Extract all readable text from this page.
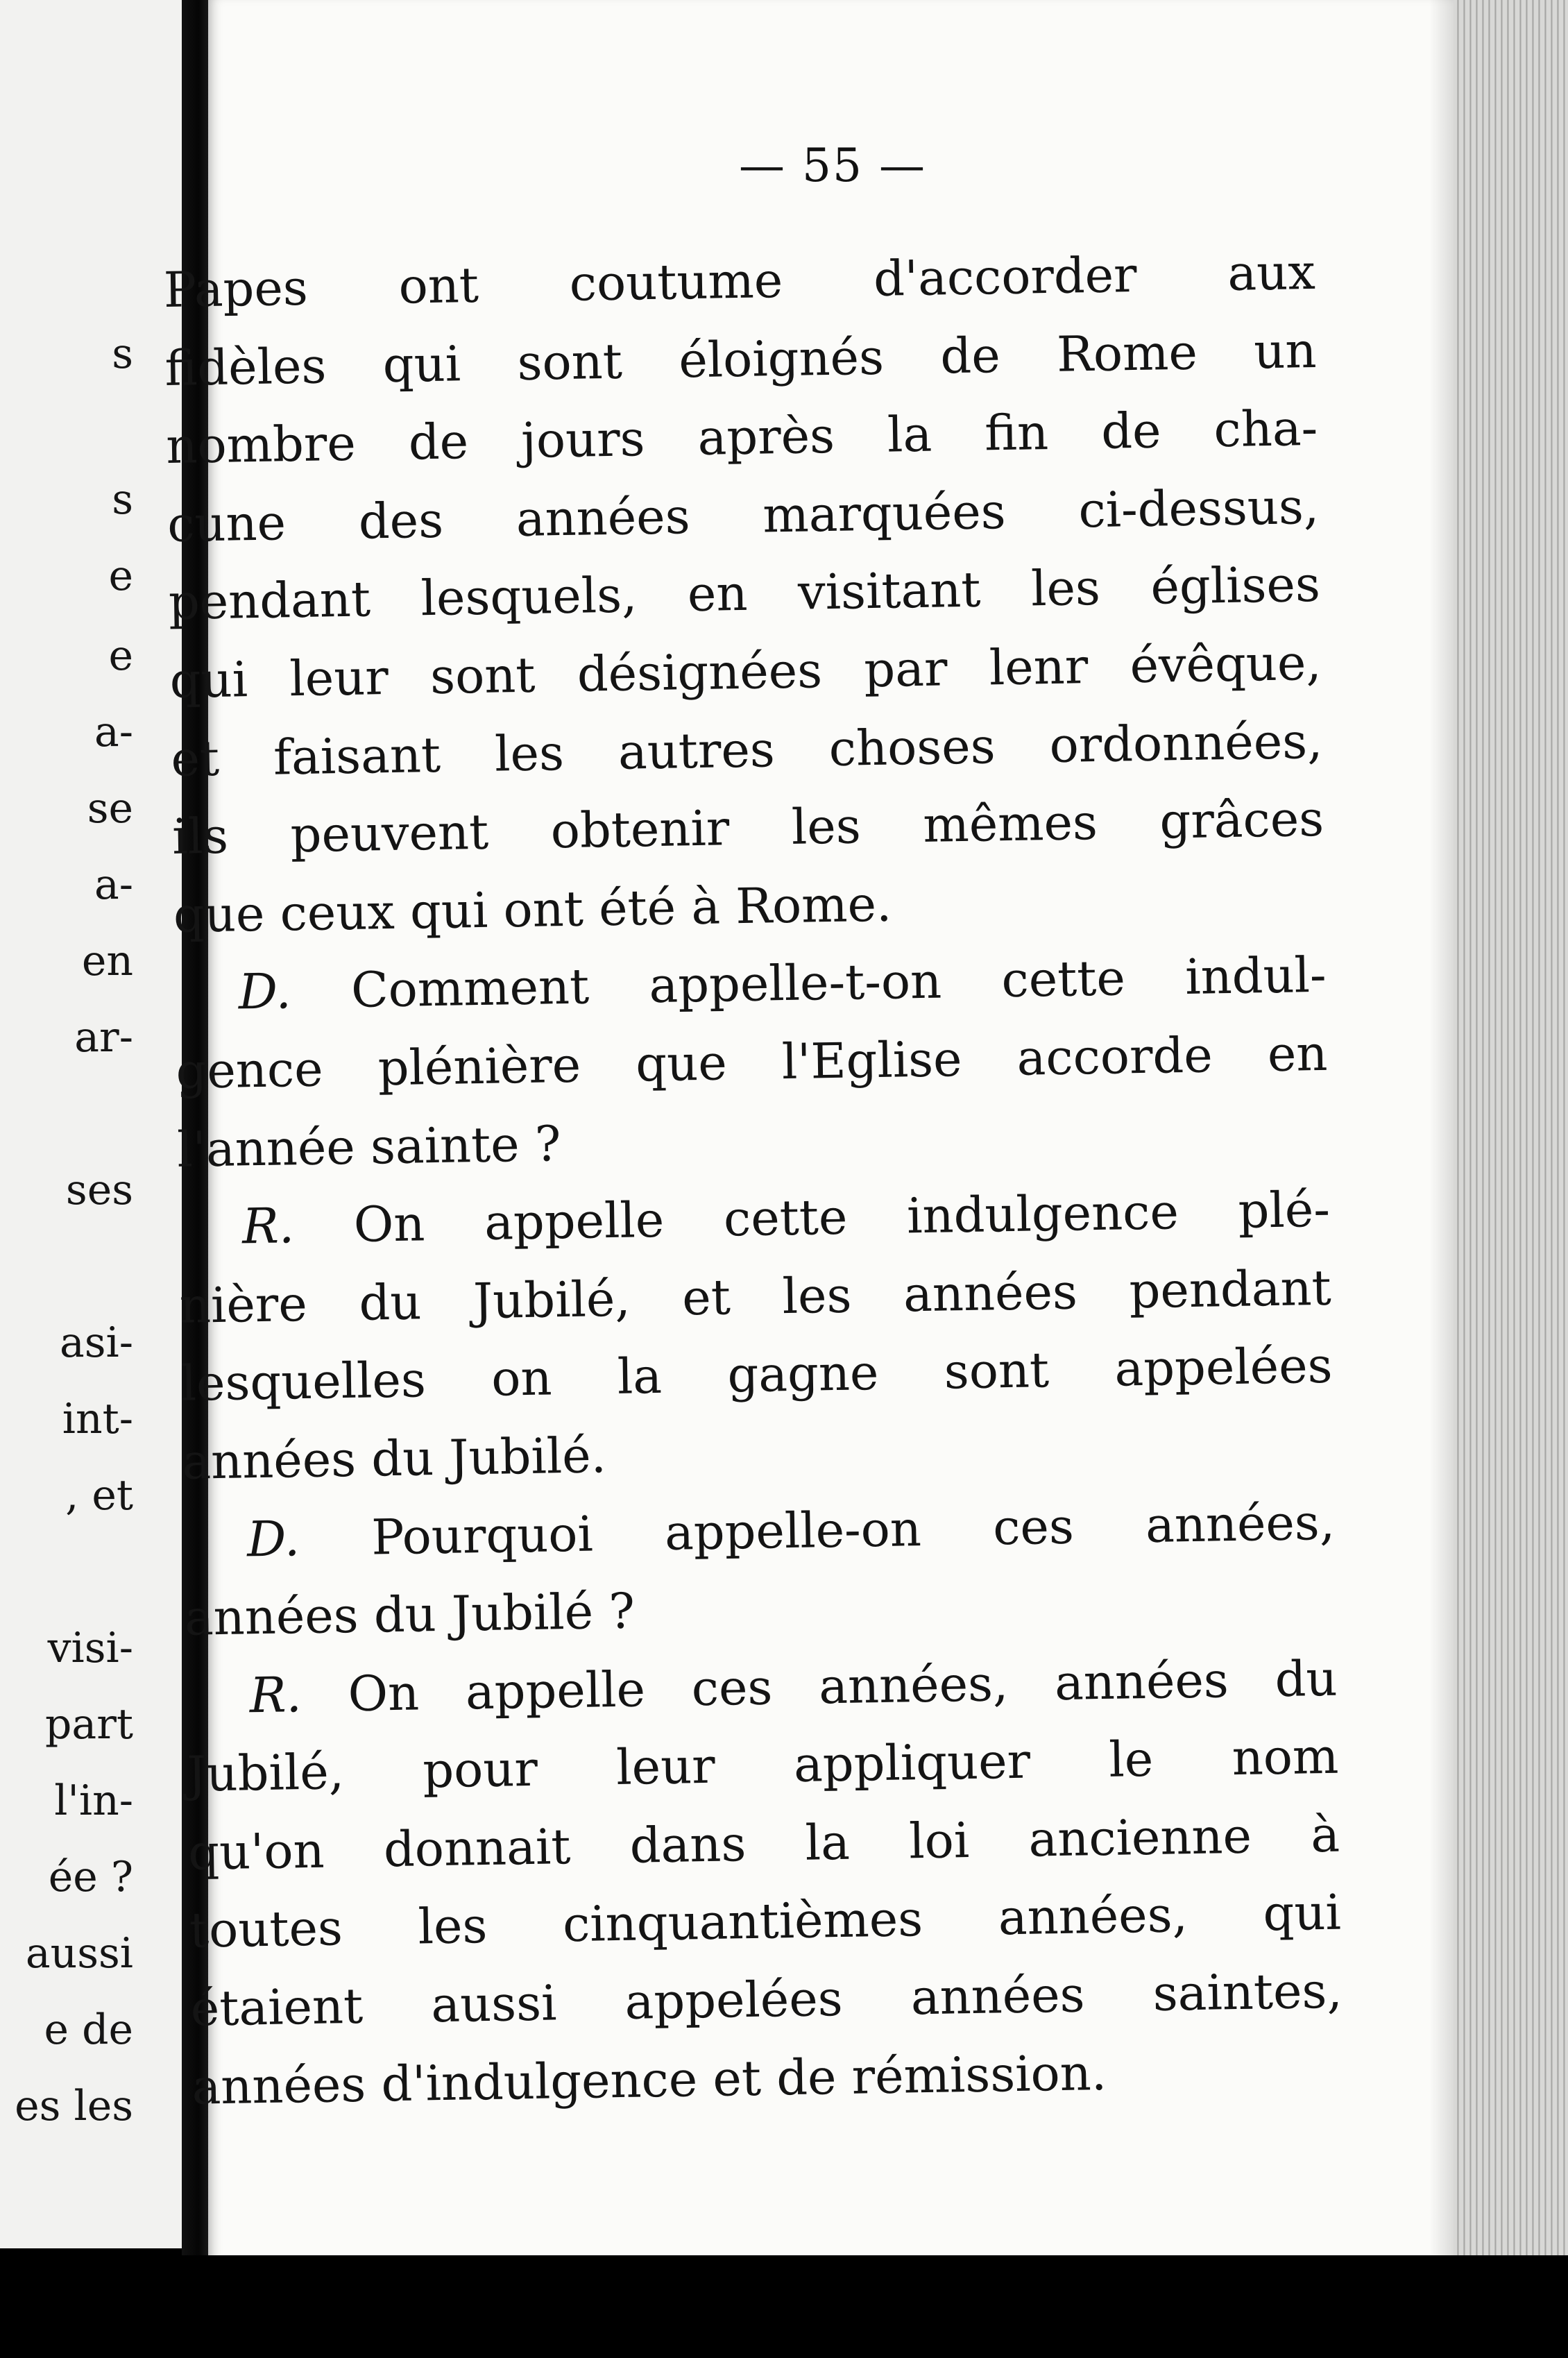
s
s
e
e
a-
se
a-
en
ar-
ses
asi-
int-
, et
visi-
part
l'in-
ée ?
aussi
e de
es les
— 55 —
Papes ont coutume d'accorder aux
fidèles qui sont éloignés de Rome un
nombre de jours après la fin de cha-
cune des années marquées ci-dessus,
pendant lesquels, en visitant les églises
qui leur sont désignées par lenr évêque,
et faisant les autres choses ordonnées,
ils peuvent obtenir les mêmes grâces
que ceux qui ont été à Rome.
D. Comment appelle-t-on cette indul-
gence plénière que l'Eglise accorde en
l'année sainte ?
R. On appelle cette indulgence plé-
nière du Jubilé, et les années pendant
lesquelles on la gagne sont appelées
années du Jubilé.
D. Pourquoi appelle-on ces années,
années du Jubilé ?
R. On appelle ces années, années du
Jubilé, pour leur appliquer le nom
qu'on donnait dans la loi ancienne à
toutes les cinquantièmes années, qui
étaient aussi appelées années saintes,
années d'indulgence et de rémission.
